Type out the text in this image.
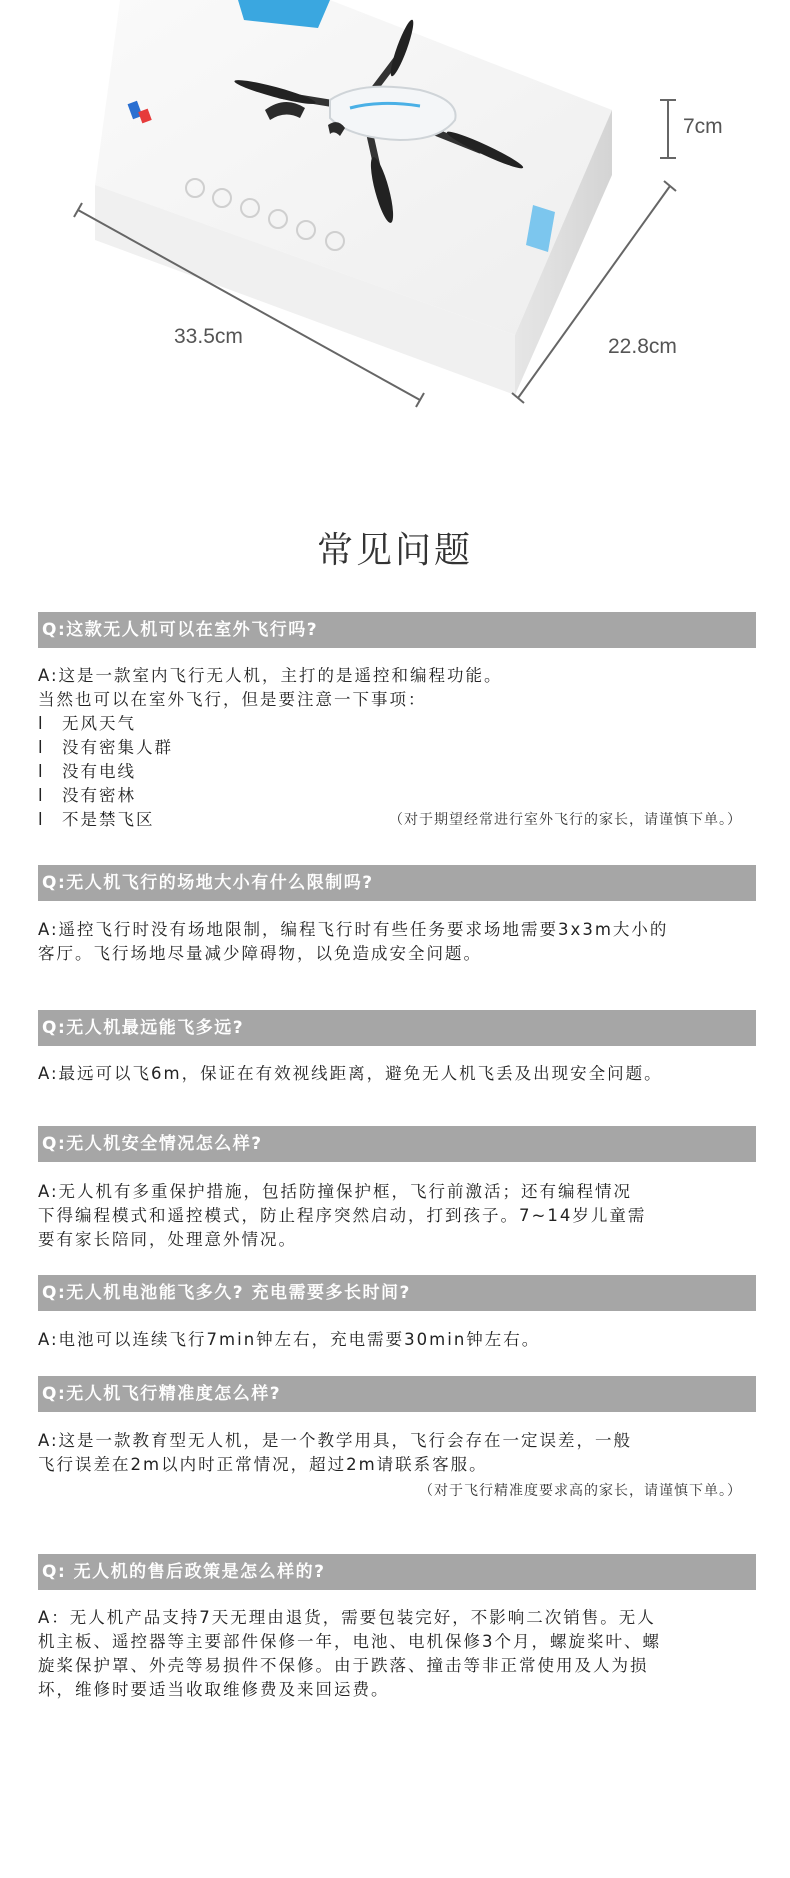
7cm
33.5cm	22.8cm
常见问题
Q:这款无人机可以在室外飞行吗?

A:这是一款室内飞行无人机，主打的是遥控和编程功能。

当然也可以在室外飞行，但是要注意一下事项：

l	无风天气
l	没有密集人群
l	没有电线
l	没有密林
l	不是禁飞区	（对于期望经常进行室外飞行的家长，请谨慎下单。）
Q:无人机飞行的场地大小有什么限制吗?

A:遥控飞行时没有场地限制，编程飞行时有些任务要求场地需要3x3m大小的

客厅。飞行场地尽量减少障碍物，以免造成安全问题。

Q:无人机最远能飞多远?

A:最远可以飞6m，保证在有效视线距离，避免无人机飞丢及出现安全问题。

Q:无人机安全情况怎么样?

A:无人机有多重保护措施，包括防撞保护框，飞行前激活；还有编程情况

下得编程模式和遥控模式，防止程序突然启动，打到孩子。7~14岁儿童需

要有家长陪同，处理意外情况。

Q:无人机电池能飞多久? 充电需要多长时间?

A:电池可以连续飞行7min钟左右，充电需要30min钟左右。

Q:无人机飞行精准度怎么样?

A:这是一款教育型无人机，是一个教学用具，飞行会存在一定误差，一般

飞行误差在2m以内时正常情况，超过2m请联系客服。

（对于飞行精准度要求高的家长，请谨慎下单。）
Q: 无人机的售后政策是怎么样的?

A：无人机产品支持7天无理由退货，需要包装完好，不影响二次销售。无人

机主板、遥控器等主要部件保修一年，电池、电机保修3个月，螺旋桨叶、螺

旋桨保护罩、外壳等易损件不保修。由于跌落、撞击等非正常使用及人为损

坏，维修时要适当收取维修费及来回运费。
